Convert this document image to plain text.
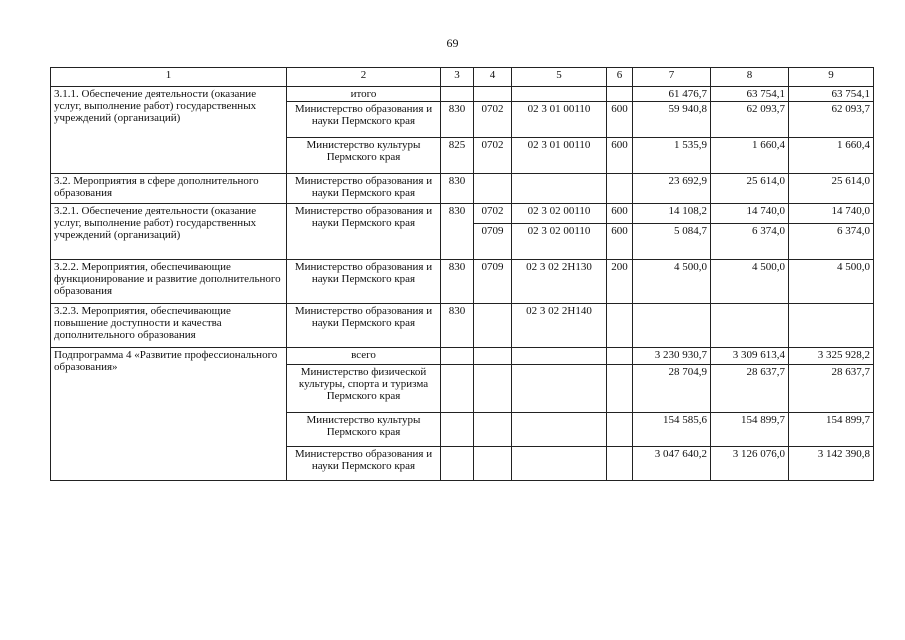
69
1	2	3	4	5	6	7	8	9
3.1.1. Обеспечение деятельности (оказание услуг, выполнение работ) государственных учреждений (организаций)	итого					61 476,7	63 754,1	63 754,1
	Министерство образования и науки Пермского края	830	0702	02 3 01 00110	600	59 940,8	62 093,7	62 093,7
	Министерство культуры Пермского края	825	0702	02 3 01 00110	600	1 535,9	1 660,4	1 660,4
3.2. Мероприятия в сфере дополнительного образования	Министерство образования и науки Пермского края	830				23 692,9	25 614,0	25 614,0
3.2.1. Обеспечение деятельности (оказание услуг, выполнение работ) государственных учреждений (организаций)	Министерство образования и науки Пермского края	830	0702	02 3 02 00110	600	14 108,2	14 740,0	14 740,0
			0709	02 3 02 00110	600	5 084,7	6 374,0	6 374,0
3.2.2. Мероприятия, обеспечивающие функционирование и развитие дополнительного образования	Министерство образования и науки Пермского края	830	0709	02 3 02 2Н130	200	4 500,0	4 500,0	4 500,0
3.2.3. Мероприятия, обеспечивающие повышение доступности и качества дополнительного образования	Министерство образования и науки Пермского края	830		02 3 02 2Н140				
Подпрограмма 4 «Развитие профессионального образования»	всего					3 230 930,7	3 309 613,4	3 325 928,2
	Министерство физической культуры, спорта и туризма Пермского края					28 704,9	28 637,7	28 637,7
	Министерство культуры Пермского края					154 585,6	154 899,7	154 899,7
	Министерство образования и науки Пермского края					3 047 640,2	3 126 076,0	3 142 390,8
